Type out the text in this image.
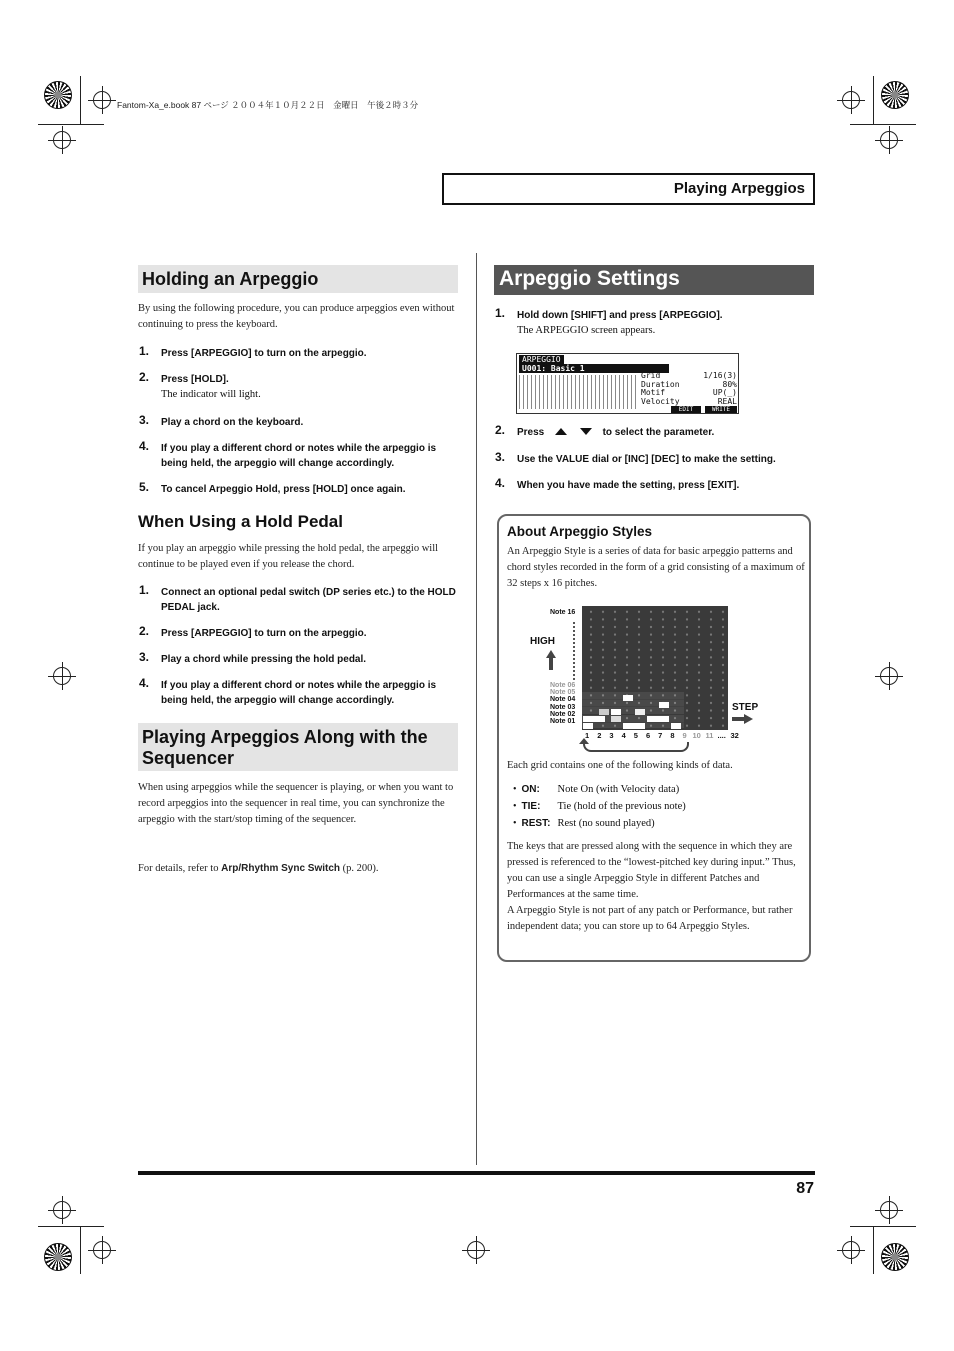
Fantom-Xa_e.book 87 ページ ２００４年１０月２２日　金曜日　午後２時３分
Playing Arpeggios
Holding an Arpeggio
By using the following procedure, you can produce arpeggios even without continuing to press the keyboard.
1. Press [ARPEGGIO] to turn on the arpeggio.
2. Press [HOLD].
The indicator will light.
3. Play a chord on the keyboard.
4. If you play a different chord or notes while the arpeggio is being held, the arpeggio will change accordingly.
5. To cancel Arpeggio Hold, press [HOLD] once again.
When Using a Hold Pedal
If you play an arpeggio while pressing the hold pedal, the arpeggio will continue to be played even if you release the chord.
1. Connect an optional pedal switch (DP series etc.) to the HOLD PEDAL jack.
2. Press [ARPEGGIO] to turn on the arpeggio.
3. Play a chord while pressing the hold pedal.
4. If you play a different chord or notes while the arpeggio is being held, the arpeggio will change accordingly.
Playing Arpeggios Along with the Sequencer
When using arpeggios while the sequencer is playing, or when you want to record arpeggios into the sequencer in real time, you can synchronize the arpeggio with the start/stop timing of the sequencer.
For details, refer to Arp/Rhythm Sync Switch (p. 200).
Arpeggio Settings
1. Hold down [SHIFT] and press [ARPEGGIO].
The ARPEGGIO screen appears.
ARPEGGIO
U001: Basic 1
Grid	1/16(3)
Duration	80%
Motif	UP(_)
Velocity	REAL
EDIT	WRITE
2. Press	to select the parameter.
3. Use the VALUE dial or [INC] [DEC] to make the setting.
4. When you have made the setting, press [EXIT].
About Arpeggio Styles
An Arpeggio Style is a series of data for basic arpeggio patterns and chord styles recorded in the form of a grid consisting of a maximum of 32 steps x 16 pitches.
Note 16
HIGH
Note 06
Note 05
Note 04
Note 03
Note 02
Note 01
STEP
1 2 3 4 5 6 7 8 9 10 11 .... 32
Each grid contains one of the following kinds of data.
•  ON: Note On (with Velocity data)
•  TIE: Tie (hold of the previous note)
•  REST: Rest (no sound played)
The keys that are pressed along with the sequence in which they are pressed is referenced to the “lowest-pitched key during input.” Thus, you can use a single Arpeggio Style in different Patches and Performances at the same time.
A Arpeggio Style is not part of any patch or Performance, but rather independent data; you can store up to 64 Arpeggio Styles.
87
